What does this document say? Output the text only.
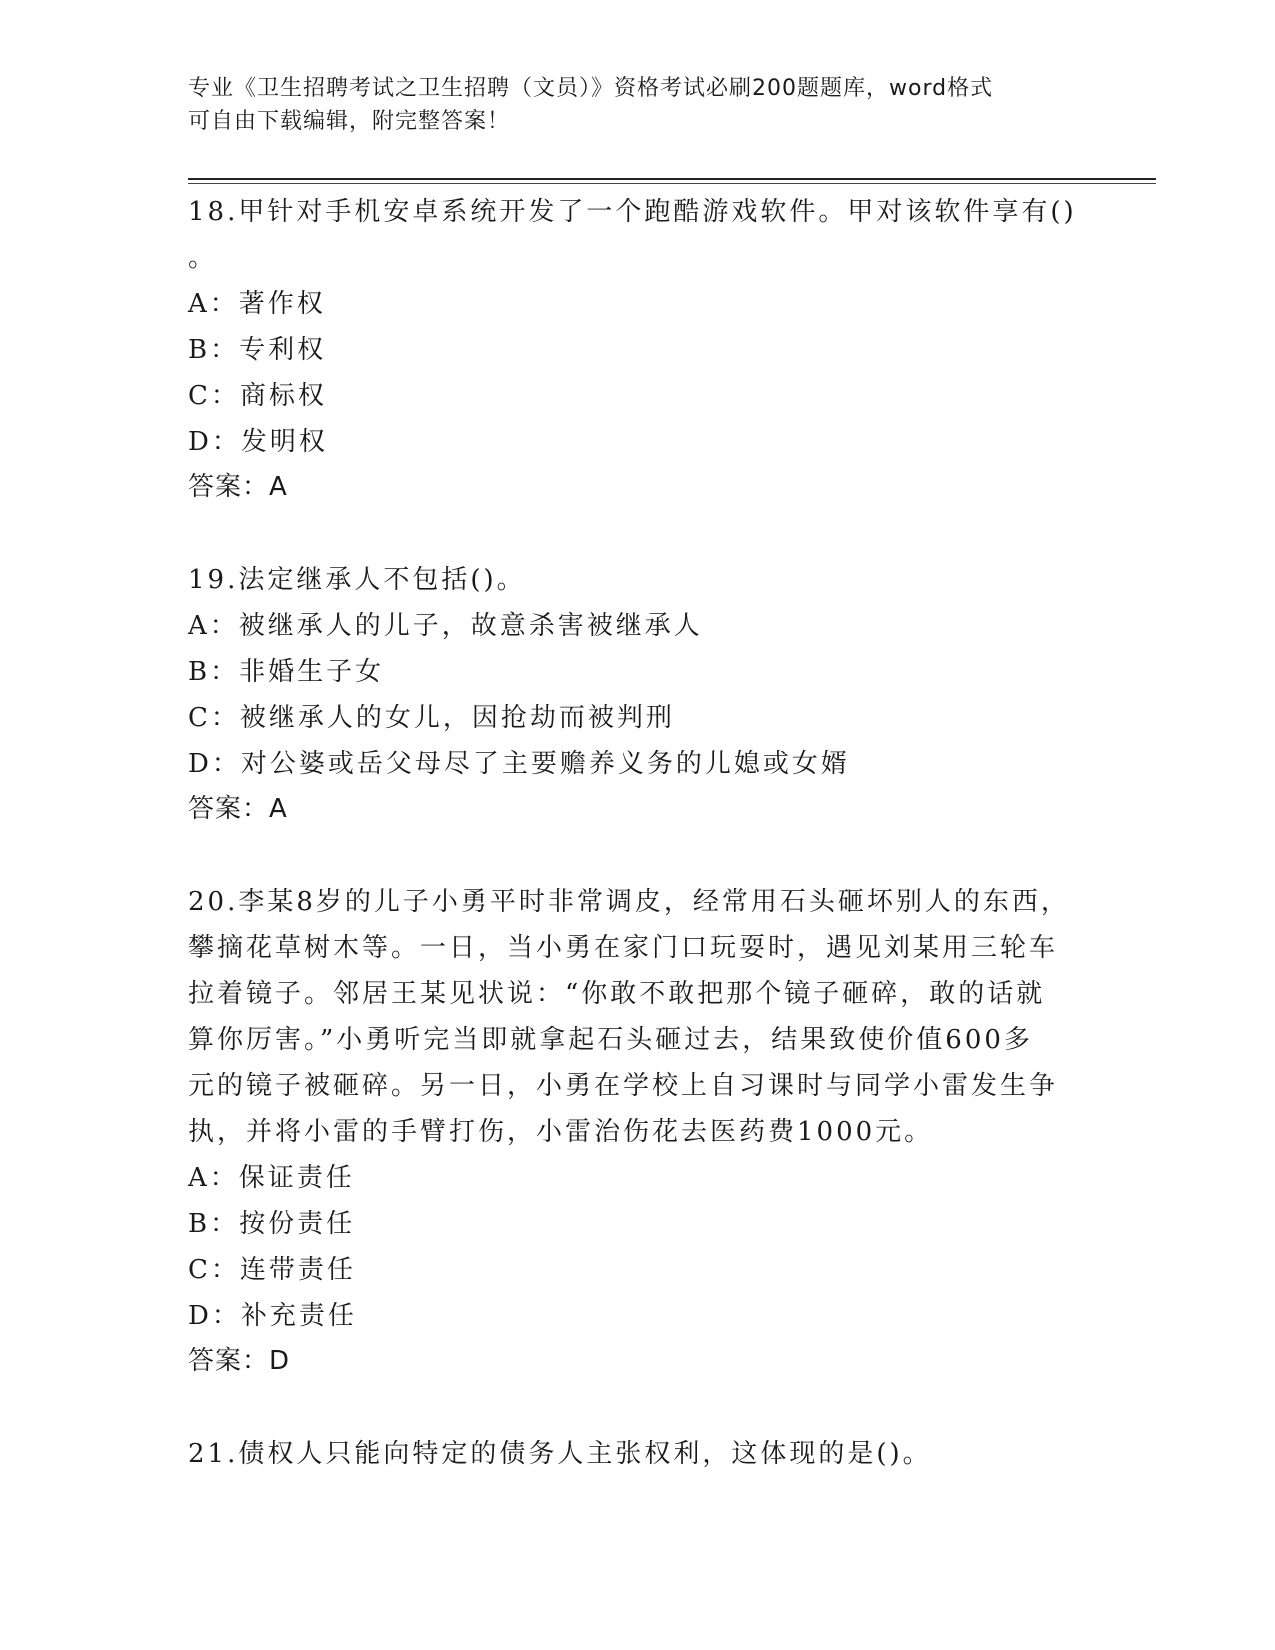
专业《卫生招聘考试之卫生招聘（文员）》资格考试必刷200题题库，word格式
可自由下载编辑，附完整答案！
18.甲针对手机安卓系统开发了一个跑酷游戏软件。甲对该软件享有()
。
A：著作权
B：专利权
C：商标权
D：发明权
答案：A
19.法定继承人不包括()。
A：被继承人的儿子，故意杀害被继承人
B：非婚生子女
C：被继承人的女儿，因抢劫而被判刑
D：对公婆或岳父母尽了主要赡养义务的儿媳或女婿
答案：A
20.李某8岁的儿子小勇平时非常调皮，经常用石头砸坏别人的东西，
攀摘花草树木等。一日，当小勇在家门口玩耍时，遇见刘某用三轮车
拉着镜子。邻居王某见状说：“你敢不敢把那个镜子砸碎，敢的话就
算你厉害。”小勇听完当即就拿起石头砸过去，结果致使价值600多
元的镜子被砸碎。另一日，小勇在学校上自习课时与同学小雷发生争
执，并将小雷的手臂打伤，小雷治伤花去医药费1000元。
A：保证责任
B：按份责任
C：连带责任
D：补充责任
答案：D
21.债权人只能向特定的债务人主张权利，这体现的是()。
